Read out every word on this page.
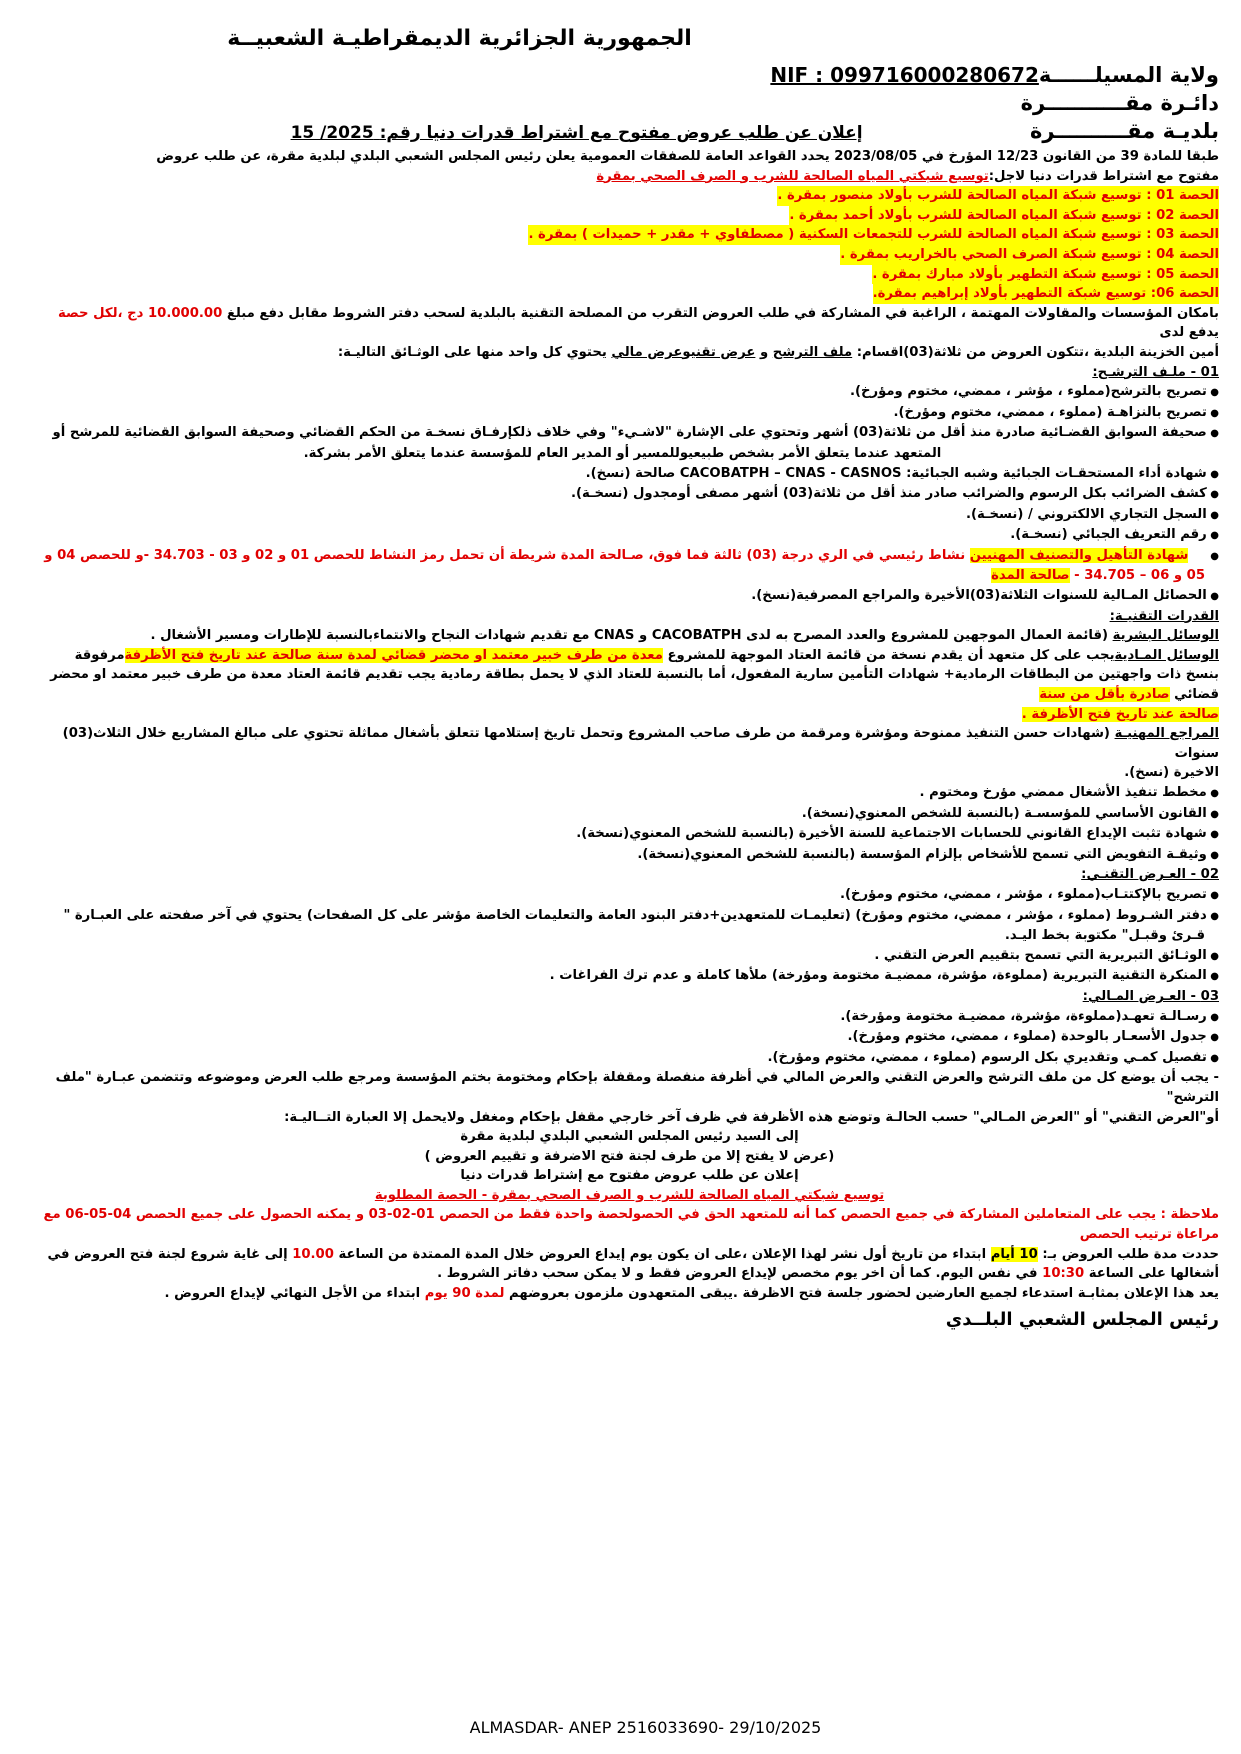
الجمهورية الجزائرية الديمقراطيـة الشعبيــة
ولاية المسيلــــــةNIF : 099716000280672
دائـرة مقـــــــــــرة
بلديـة مقــــــــــرة إعلان عن طلب عروض مفتوح مع اشتراط قدرات دنيا رقم: 15 /2025

طبقا للمادة 39 من القانون 12/23 المؤرخ في 2023/08/05 يحدد القواعد العامة للصفقات العمومية يعلن رئيس المجلس الشعبي البلدي لبلدية مقرة، عن طلب عروض

مفتوح مع اشتراط قدرات دنيا لاجل:توسيع شبكتي المياه الصالحة للشرب و الصرف الصحي بمقرة

الحصة 01 : توسيع شبكة المياه الصالحة للشرب بأولاد منصور بمقرة .
الحصة 02 : توسيع شبكة المياه الصالحة للشرب بأولاد أحمد بمقرة .
الحصة 03 : توسيع شبكة المياه الصالحة للشرب للتجمعات السكنية ( مصطفاوي + مقدر + حميدات ) بمقرة .
الحصة 04 : توسيع شبكة الصرف الصحي بالخراريب بمقرة .
الحصة 05 : توسيع شبكة التطهير بأولاد مبارك بمقرة .
الحصة 06: توسيع شبكة التطهير بأولاد إبراهيم بمقرة.

بامكان المؤسسات والمقاولات المهتمة ، الراغبة في المشاركة في طلب العروض التقرب من المصلحة التقنية بالبلدية لسحب دفتر الشروط مقابل دفع مبلغ 10.000.00 دج ،لكل حصة يدفع لدى
أمين الخزينة البلدية ،تتكون العروض من ثلاثة(03)اقسام: ملف الترشح و عرض تقنيوعرض مالي يحتوي كل واحد منها على الوثـائق التاليـة:

01 - ملـف الترشـح:

● تصريح بالترشح(مملوء ، مؤشر ، ممضي، مختوم ومؤرخ).
● تصريح بالنزاهـة (مملوء ، ممضي، مختوم ومؤرخ).
● صحيفة السوابق القضـائية صادرة منذ أقل من ثلاثة(03) أشهر وتحتوي على الإشارة "لاشـيء" وفي خلاف ذلكإرفـاق نسخـة من الحكم القضائي وصحيفة السوابق القضائية للمرشح أو
المتعهد عندما يتعلق الأمر بشخص طبيعيوللمسير أو المدير العام للمؤسسة عندما يتعلق الأمر بشركة.
● شهادة أداء المستحقـات الجبائية وشبه الجبائية: CACOBATPH – CNAS - CASNOS صالحة (نسخ).
● كشف الضرائب بكل الرسوم والضرائب صادر منذ أقل من ثلاثة(03) أشهر مصفى أومجدول (نسخـة).
● السجل التجاري الالكتروني / (نسخـة).
● رقم التعريف الجبائي (نسخـة).
● شهادة التأهيل والتصنيف المهنيين نشاط رئيسي في الري درجة (03) ثالثة فما فوق، صـالحة المدة شريطة أن تحمل رمز النشاط للحصص 01 و 02 و 03 - 34.703 -و للحصص 04 و
05 و 06 – 34.705 - صالحة المدة
● الحصائل المـالية للسنوات الثلاثة(03)الأخيرة والمراجع المصرفية(نسخ).

القدرات التقنيـة:

الوسائل البشرية (قائمة العمال الموجهين للمشروع والعدد المصرح به لدى CACOBATPH و CNAS مع تقديم شهادات النجاح والانتماءبالنسبة للإطارات ومسير الأشغال .

الوسائل المـاديةيجب على كل متعهد أن يقدم نسخة من قائمة العتاد الموجهة للمشروع معدة من طرف خبير معتمد او محضر قضائي لمدة سنة صالحة عند تاريخ فتح الأظرفةمرفوقة بنسخ ذات واجهتين من البطاقات الرمادية+ شهادات التأمين سارية المفعول، أما بالنسبة للعتاد الذي لا يحمل بطاقة رمادية يجب تقديم قائمة العتاد معدة من طرف خبير معتمد او محضر قضائي صادرة بأقل من سنة
صالحة عند تاريخ فتح الأظرفة .

المراجع المهنيـة (شهادات حسن التنفيذ ممنوحة ومؤشرة ومرقمة من طرف صاحب المشروع وتحمل تاريخ إستلامها تتعلق بأشغال مماثلة تحتوي على مبالغ المشاريع خلال الثلاث(03) سنوات
الاخيرة (نسخ).

● مخطط تنفيذ الأشغال ممضي مؤرخ ومختوم .
● القانون الأساسي للمؤسسـة (بالنسبة للشخص المعنوي(نسخة).
● شهادة تثبت الإيداع القانوني للحسابات الاجتماعية للسنة الأخيرة (بالنسبة للشخص المعنوي(نسخة).
● وثيقـة التفويض التي تسمح للأشخاص بإلزام المؤسسة (بالنسبة للشخص المعنوي(نسخة).

02 - العـرض التقنـي:

● تصريح بالإكتتـاب(مملوء ، مؤشر ، ممضي، مختوم ومؤرخ).
● دفتر الشـروط (مملوء ، مؤشر ، ممضي، مختوم ومؤرخ) (تعليمـات للمتعهدين+دفتر البنود العامة والتعليمات الخاصة مؤشر على كل الصفحات) يحتوي في آخر صفحته على العبـارة "
قـرئ وقبـل" مكتوبة بخط اليـد.
● الوثـائق التبريرية التي تسمح بتقييم العرض التقني .
● المنكرة التقنية التبريرية (مملوءة، مؤشرة، ممضيـة مختومة ومؤرخة) ملأها كاملة و عدم ترك الفراغات .

03 - العـرض المـالي:

● رسـالـة تعهـد(مملوءة، مؤشرة، ممضيـة مختومة ومؤرخة).
● جدول الأسعـار بالوحدة (مملوء ، ممضي، مختوم ومؤرخ).
● تفصيل كمـي وتقديري بكل الرسوم (مملوء ، ممضي، مختوم ومؤرخ).

- يجب أن يوضع كل من ملف الترشح والعرض التقني والعرض المالي في أظرفة منفصلة ومقفلة بإحكام ومختومة بختم المؤسسة ومرجع طلب العرض وموضوعه وتتضمن عبـارة "ملف الترشح"

أو"العرض التقني" أو "العرض المـالي" حسب الحالـة وتوضع هذه الأظرفة في ظرف آخر خارجي مقفل بإحكام ومغفل ولايحمل إلا العبارة التــاليـة:

إلى السيد رئيس المجلس الشعبي البلدي لبلدية مقرة
(عرض لا يفتح إلا من طرف لجنة فتح الاضرفة و تقييم العروض )
إعلان عن طلب عروض مفتوح مع إشتراط قدرات دنيا
توسيع شبكتي المياه الصالحة للشرب و الصرف الصحي بمقرة - الحصة المطلوبة

ملاحظة : يجب على المتعاملين المشاركة في جميع الحصص كما أنه للمتعهد الحق في الحصولحصة واحدة فقط من الحصص 01-02-03 و يمكنه الحصول على جميع الحصص 04-05-06 مع
مراعاة ترتيب الحصص

حددت مدة طلب العروض بـ: 10 أيام ابتداء من تاريخ أول نشر لهذا الإعلان ،على ان يكون يوم إيداع العروض خلال المدة الممتدة من الساعة 10.00 إلى غاية شروع لجنة فتح العروض في
أشغالها على الساعة 10:30 في نفس اليوم. كما أن اخر يوم مخصص لإيداع العروض فقط و لا يمكن سحب دفاتر الشروط .
يعد هذا الإعلان بمثابـة استدعاء لجميع العارضين لحضور جلسة فتح الاظرفة .يبقى المتعهدون ملزمون بعروضهم لمدة 90 يوم ابتداء من الأجل النهائي لإيداع العروض .

رئيس المجلس الشعبي البلــدي
ALMASDAR- ANEP 2516033690- 29/10/2025
